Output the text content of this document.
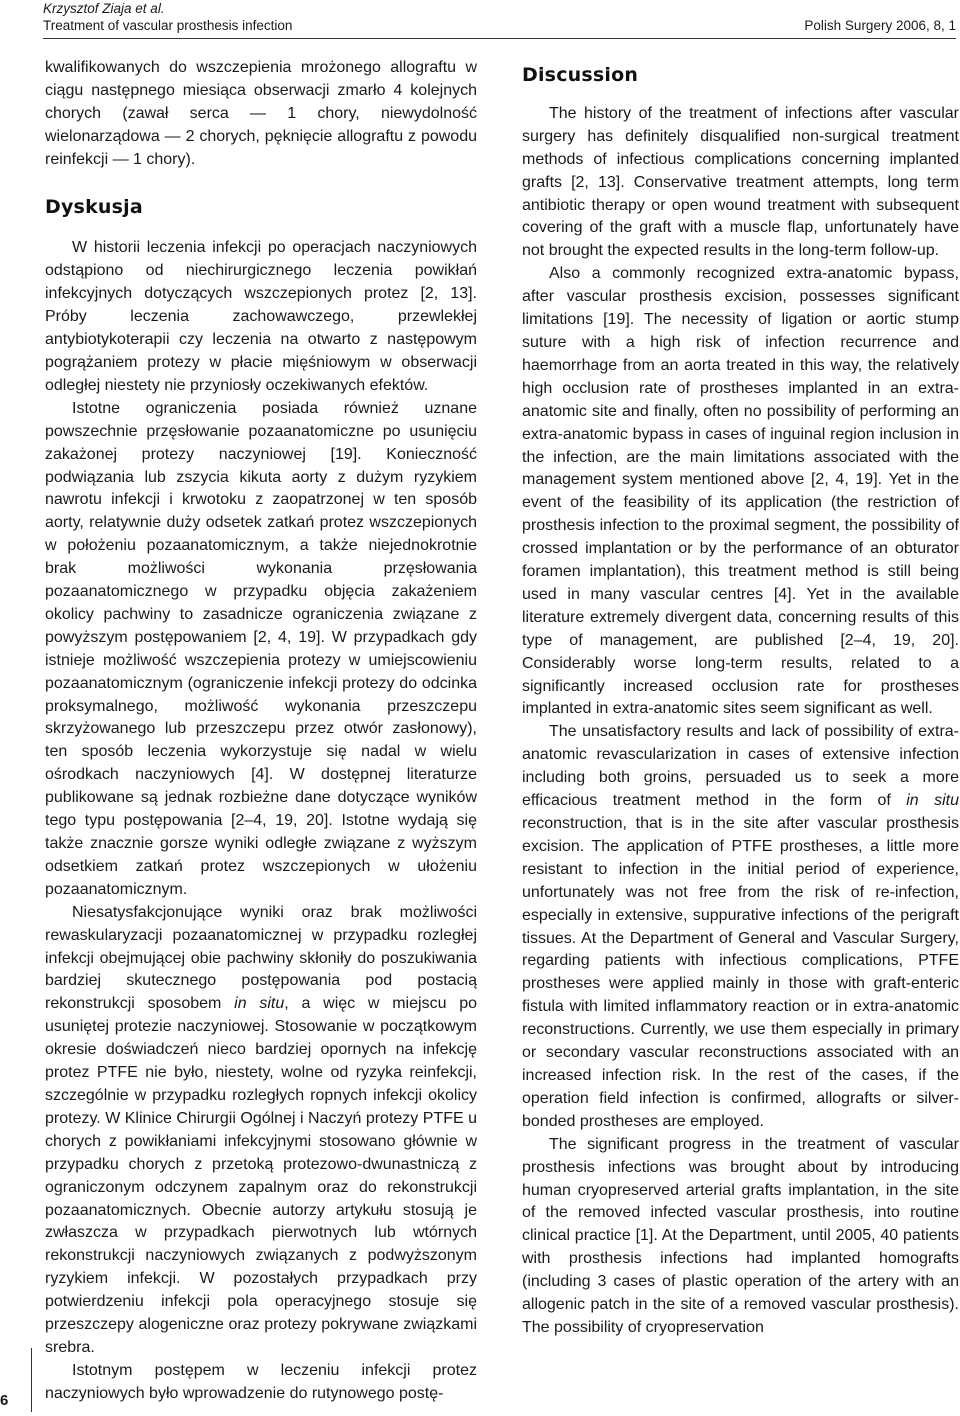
Krzysztof Ziaja et al.
Treatment of vascular prosthesis infection	Polish Surgery 2006, 8, 1

kwalifikowanych do wszczepienia mrożonego allograftu w ciągu następnego miesiąca obserwacji zmarło 4 kolejnych chorych (zawał serca — 1 chory, niewydolność wielonarządowa — 2 chorych, pęknięcie allograftu z powodu reinfekcji — 1 chory).

Dyskusja

W historii leczenia infekcji po operacjach naczyniowych odstąpiono od niechirurgicznego leczenia powikłań infekcyjnych dotyczących wszczepionych protez [2, 13]. Próby leczenia zachowawczego, przewlekłej antybiotykoterapii czy leczenia na otwarto z następowym pogrążaniem protezy w płacie mięśniowym w obserwacji odległej niestety nie przyniosły oczekiwanych efektów.

Istotne ograniczenia posiada również uznane powszechnie przęsłowanie pozaanatomiczne po usunięciu zakażonej protezy naczyniowej [19]. Konieczność podwiązania lub zszycia kikuta aorty z dużym ryzykiem nawrotu infekcji i krwotoku z zaopatrzonej w ten sposób aorty, relatywnie duży odsetek zatkań protez wszczepionych w położeniu pozaanatomicznym, a także niejednokrotnie brak możliwości wykonania przęsłowania pozaanatomicznego w przypadku objęcia zakażeniem okolicy pachwiny to zasadnicze ograniczenia związane z powyższym postępowaniem [2, 4, 19]. W przypadkach gdy istnieje możliwość wszczepienia protezy w umiejscowieniu pozaanatomicznym (ograniczenie infekcji protezy do odcinka proksymalnego, możliwość wykonania przeszczepu skrzyżowanego lub przeszczepu przez otwór zasłonowy), ten sposób leczenia wykorzystuje się nadal w wielu ośrodkach naczyniowych [4]. W dostępnej literaturze publikowane są jednak rozbieżne dane dotyczące wyników tego typu postępowania [2–4, 19, 20]. Istotne wydają się także znacznie gorsze wyniki odległe związane z wyższym odsetkiem zatkań protez wszczepionych w ułożeniu pozaanatomicznym.

Niesatysfakcjonujące wyniki oraz brak możliwości rewaskularyzacji pozaanatomicznej w przypadku rozległej infekcji obejmującej obie pachwiny skłoniły do poszukiwania bardziej skutecznego postępowania pod postacią rekonstrukcji sposobem in situ, a więc w miejscu po usuniętej protezie naczyniowej. Stosowanie w początkowym okresie doświadczeń nieco bardziej opornych na infekcję protez PTFE nie było, niestety, wolne od ryzyka reinfekcji, szczególnie w przypadku rozległych ropnych infekcji okolicy protezy. W Klinice Chirurgii Ogólnej i Naczyń protezy PTFE u chorych z powikłaniami infekcyjnymi stosowano głównie w przypadku chorych z przetoką protezowo-dwunastniczą z ograniczonym odczynem zapalnym oraz do rekonstrukcji pozaanatomicznych. Obecnie autorzy artykułu stosują je zwłaszcza w przypadkach pierwotnych lub wtórnych rekonstrukcji naczyniowych związanych z podwyższonym ryzykiem infekcji. W pozostałych przypadkach przy potwierdzeniu infekcji pola operacyjnego stosuje się przeszczepy alogeniczne oraz protezy pokrywane związkami srebra.

Istotnym postępem w leczeniu infekcji protez naczyniowych było wprowadzenie do rutynowego postę-

Discussion

The history of the treatment of infections after vascular surgery has definitely disqualified non-surgical treatment methods of infectious complications concerning implanted grafts [2, 13]. Conservative treatment attempts, long term antibiotic therapy or open wound treatment with subsequent covering of the graft with a muscle flap, unfortunately have not brought the expected results in the long-term follow-up.

Also a commonly recognized extra-anatomic bypass, after vascular prosthesis excision, possesses significant limitations [19]. The necessity of ligation or aortic stump suture with a high risk of infection recurrence and haemorrhage from an aorta treated in this way, the relatively high occlusion rate of prostheses implanted in an extra-anatomic site and finally, often no possibility of performing an extra-anatomic bypass in cases of inguinal region inclusion in the infection, are the main limitations associated with the management system mentioned above [2, 4, 19]. Yet in the event of the feasibility of its application (the restriction of prosthesis infection to the proximal segment, the possibility of crossed implantation or by the performance of an obturator foramen implantation), this treatment method is still being used in many vascular centres [4]. Yet in the available literature extremely divergent data, concerning results of this type of management, are published [2–4, 19, 20]. Considerably worse long-term results, related to a significantly increased occlusion rate for prostheses implanted in extra-anatomic sites seem significant as well.

The unsatisfactory results and lack of possibility of extra-anatomic revascularization in cases of extensive infection including both groins, persuaded us to seek a more efficacious treatment method in the form of in situ reconstruction, that is in the site after vascular prosthesis excision. The application of PTFE prostheses, a little more resistant to infection in the initial period of experience, unfortunately was not free from the risk of re-infection, especially in extensive, suppurative infections of the perigraft tissues. At the Department of General and Vascular Surgery, regarding patients with infectious complications, PTFE prostheses were applied mainly in those with graft-enteric fistula with limited inflammatory reaction or in extra-anatomic reconstructions. Currently, we use them especially in primary or secondary vascular reconstructions associated with an increased infection risk. In the rest of the cases, if the operation field infection is confirmed, allografts or silver-bonded prostheses are employed.

The significant progress in the treatment of vascular prosthesis infections was brought about by introducing human cryopreserved arterial grafts implantation, in the site of the removed infected vascular prosthesis, into routine clinical practice [1]. At the Department, until 2005, 40 patients with prosthesis infections had implanted homografts (including 3 cases of plastic operation of the artery with an allogenic patch in the site of a removed vascular prosthesis). The possibility of cryopreservation

6
